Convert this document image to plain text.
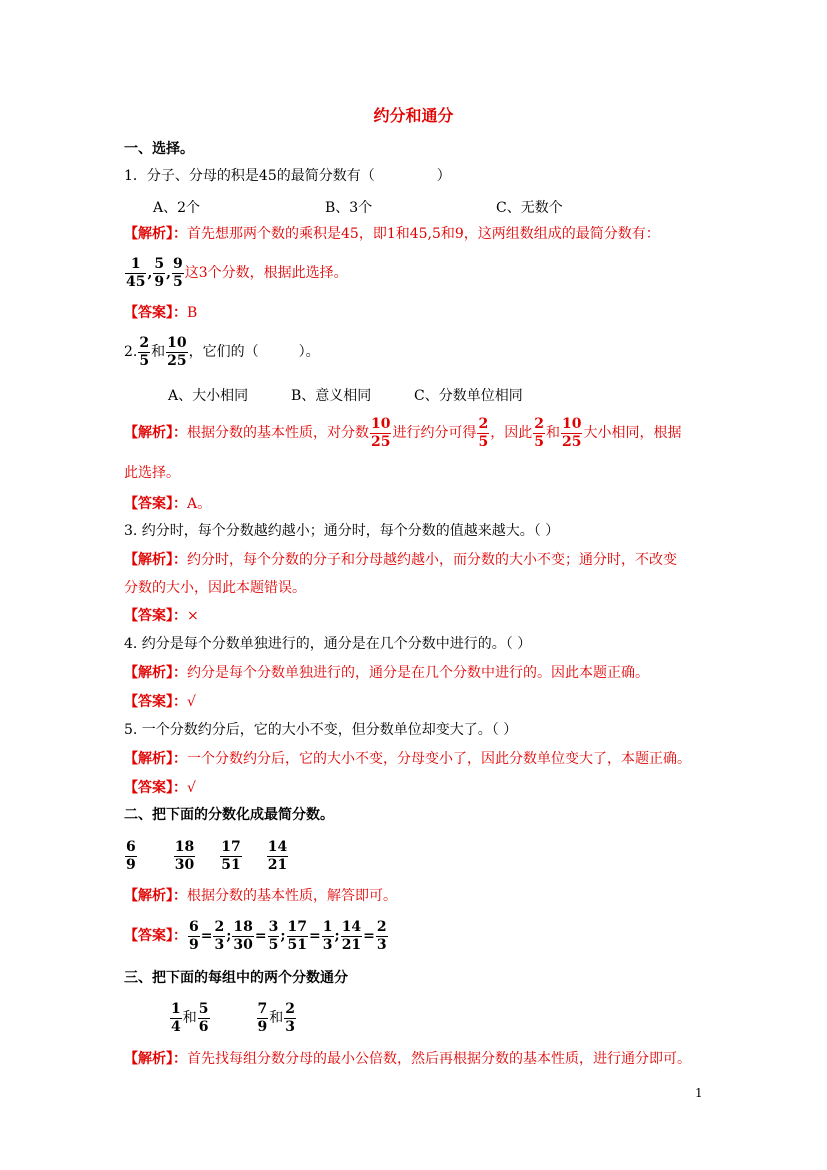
约分和通分
一、选择。
1．分子、分母的积是45的最简分数有（	）
A、2个	B、3个	C、无数个
【解析】：首先想那两个数的乘积是45，即1和45,5和9，这两组数组成的最简分数有：
$\frac{1}{45}$ , $\frac{5}{9}$ , $\frac{9}{5}$ 这3个分数，根据此选择。
【答案】：B
2. $\frac{2}{5}$ 和 $\frac{10}{25}$ ，它们的（	）。
A、大小相同	B、意义相同	C、分数单位相同
【解析】：根据分数的基本性质，对分数 $\frac{10}{25}$ 进行约分可得 $\frac{2}{5}$ ，因此 $\frac{2}{5}$ 和 $\frac{10}{25}$ 大小相同，根据
此选择。
【答案】：A。
3. 约分时，每个分数越约越小；通分时，每个分数的值越来越大。（ ）
【解析】：约分时，每个分数的分子和分母越约越小，而分数的大小不变；通分时，不改变
分数的大小，因此本题错误。
【答案】：×
4. 约分是每个分数单独进行的，通分是在几个分数中进行的。（ ）
【解析】：约分是每个分数单独进行的，通分是在几个分数中进行的。因此本题正确。
【答案】：√
5. 一个分数约分后，它的大小不变，但分数单位却变大了。（ ）
【解析】：一个分数约分后，它的大小不变，分母变小了，因此分数单位变大了，本题正确。
【答案】：√
二、把下面的分数化成最简分数。
$\frac{6}{9}$	$\frac{18}{30} \frac{17}{51} \frac{14}{21}$
【解析】：根据分数的基本性质，解答即可。
【答案】： $\frac{6}{9} = \frac{2}{3}$ ; $\frac{18}{30} = \frac{3}{5}$ ; $\frac{17}{51} = \frac{1}{3}$ ; $\frac{14}{21} = \frac{2}{3}$
三、把下面的每组中的两个分数通分
$\frac{1}{4}$ 和 $\frac{5}{6}$	$\frac{7}{9}$ 和 $\frac{2}{3}$
【解析】：首先找每组分数分母的最小公倍数，然后再根据分数的基本性质，进行通分即可。
1
